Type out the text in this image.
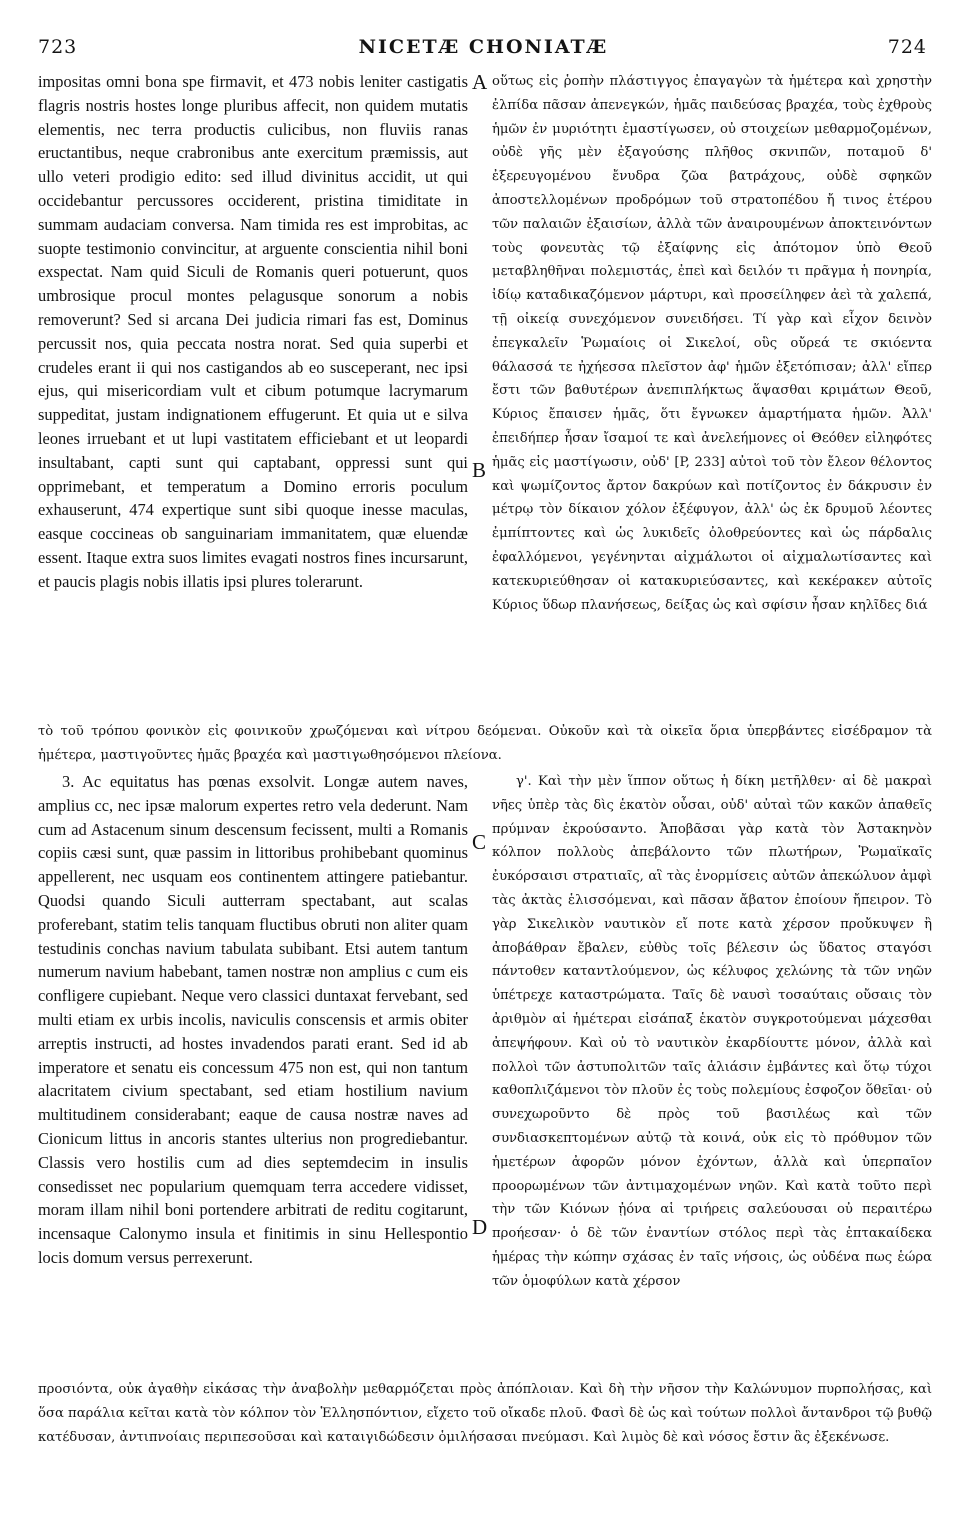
723	NICETÆ CHONIATÆ	724
A
B
C
D

impositas omni bona spe firmavit, et 473 nobis leniter castigatis flagris nostris hostes longe pluribus affecit, non quidem mutatis elementis, nec terra productis culicibus, non fluviis ranas eructantibus, neque crabronibus ante exercitum præmissis, aut ullo veteri prodigio edito: sed illud divinitus accidit, ut qui occidebantur percussores occiderent, pristina timiditate in summam audaciam conversa. Nam timida res est improbitas, ac suopte testimonio convincitur, at arguente conscientia nihil boni exspectat. Nam quid Siculi de Romanis queri potuerunt, quos umbrosique procul montes pelagusque sonorum a nobis removerunt? Sed si arcana Dei judicia rimari fas est, Dominus percussit nos, quia peccata nostra norat. Sed quia superbi et crudeles erant ii qui nos castigandos ab eo susceperant, nec ipsi ejus, qui misericordiam vult et cibum potumque lacrymarum suppeditat, justam indignationem effugerunt. Et quia ut e silva leones irruebant et ut lupi vastitatem efficiebant et ut leopardi insultabant, capti sunt qui captabant, oppressi sunt qui opprimebant, et temperatum a Domino erroris poculum exhauserunt, 474 expertique sunt sibi quoque inesse maculas, easque coccineas ob sanguinariam immanitatem, quæ eluendæ essent. Itaque extra suos limites evagati nostros fines incursarunt, et paucis plagis nobis illatis ipsi plures tolerarunt.

οὕτως εἰς ῥοπὴν πλάστιγγος ἐπαγαγὼν τὰ ἡμέτερα καὶ χρηστὴν ἐλπίδα πᾶσαν ἀπενεγκών, ἡμᾶς παιδεύσας βραχέα, τοὺς ἐχθροὺς ἡμῶν ἐν μυριότητι ἐμαστίγωσεν, οὐ στοιχείων μεθαρμοζομένων, οὐδὲ γῆς μὲν ἐξαγούσης πλῆθος σκνιπῶν, ποταμοῦ δ' ἐξερευγομένου ἔνυδρα ζῶα βατράχους, οὐδὲ σφηκῶν ἀποστελλομένων προδρόμων τοῦ στρατοπέδου ἤ τινος ἑτέρου τῶν παλαιῶν ἐξαισίων, ἀλλὰ τῶν ἀναιρουμένων ἀποκτεινόντων τοὺς φονευτὰς τῷ ἐξαίφνης εἰς ἀπότομον ὑπὸ Θεοῦ μεταβληθῆναι πολεμιστάς, ἐπεὶ καὶ δειλόν τι πρᾶγμα ἡ πονηρία, ἰδίῳ καταδικαζόμενον μάρτυρι, καὶ προσείληφεν ἀεὶ τὰ χαλεπά, τῇ οἰκείᾳ συνεχόμενον συνειδήσει. Τί γὰρ καὶ εἶχον δεινὸν ἐπεγκαλεῖν Ῥωμαίοις οἱ Σικελοί, οὓς οὔρεά τε σκιόεντα θάλασσά τε ἠχήεσσα πλεῖστον ἀφ' ἡμῶν ἐξετόπισαν; ἀλλ' εἴπερ ἔστι τῶν βαθυτέρων ἀνεπιπλήκτως ἅψασθαι κριμάτων Θεοῦ, Κύριος ἔπαισεν ἡμᾶς, ὅτι ἔγνωκεν ἁμαρτήματα ἡμῶν. Ἀλλ' ἐπειδήπερ ἦσαν ἴσαμοί τε καὶ ἀνελεήμονες οἱ Θεόθεν εἰληφότες ἡμᾶς εἰς μαστίγωσιν, οὐδ' [P, 233] αὐτοὶ τοῦ τὸν ἔλεον θέλοντος καὶ ψωμίζοντος ἄρτον δακρύων καὶ ποτίζοντος ἐν δάκρυσιν ἐν μέτρῳ τὸν δίκαιον χόλον ἐξέφυγον, ἀλλ' ὡς ἐκ δρυμοῦ λέοντες ἐμπίπτοντες καὶ ὡς λυκιδεῖς ὀλοθρεύοντες καὶ ὡς πάρδαλις ἐφαλλόμενοι, γεγένηνται αἰχμάλωτοι οἱ αἰχμαλωτίσαντες καὶ κατεκυριεύθησαν οἱ κατακυριεύσαντες, καὶ κεκέρακεν αὐτοῖς Κύριος ὕδωρ πλανήσεως, δείξας ὡς καὶ σφίσιν ἦσαν κηλῖδες διά

τὸ τοῦ τρόπου φονικὸν εἰς φοινικοῦν χρωζόμεναι καὶ νίτρου δεόμεναι. Οὐκοῦν καὶ τὰ οἰκεῖα ὅρια ὑπερβάντες εἰσέδραμον τὰ ἡμέτερα, μαστιγοῦντες ἡμᾶς βραχέα καὶ μαστιγωθησόμενοι πλείονα.

3. Ac equitatus has pœnas exsolvit. Longæ autem naves, amplius cc, nec ipsæ malorum expertes retro vela dederunt. Nam cum ad Astacenum sinum descensum fecissent, multi a Romanis copiis cæsi sunt, quæ passim in littoribus prohibebant quominus appellerent, nec usquam eos continentem attingere patiebantur. Quodsi quando Siculi autterram spectabant, aut scalas proferebant, statim telis tanquam fluctibus obruti non aliter quam testudinis conchas navium tabulata subibant. Etsi autem tantum numerum navium habebant, tamen nostræ non amplius c cum eis confligere cupiebant. Neque vero classici duntaxat fervebant, sed multi etiam ex urbis incolis, naviculis conscensis et armis obiter arreptis instructi, ad hostes invadendos parati erant. Sed id ab imperatore et senatu eis concessum 475 non est, qui non tantum alacritatem civium spectabant, sed etiam hostilium navium multitudinem considerabant; eaque de causa nostræ naves ad Cionicum littus in ancoris stantes ulterius non progrediebantur. Classis vero hostilis cum ad dies septemdecim in insulis consedisset nec popularium quemquam terra accedere vidisset, moram illam nihil boni portendere arbitrati de reditu cogitarunt, incensaque Calonymo insula et finitimis in sinu Hellespontio locis domum versus perrexerunt.

γ'. Καὶ τὴν μὲν ἵππον οὕτως ἡ δίκη μετῆλθεν· αἱ δὲ μακραὶ νῆες ὑπὲρ τὰς δὶς ἑκατὸν οὖσαι, οὐδ' αὐταὶ τῶν κακῶν ἀπαθεῖς πρύμναν ἐκρούσαντο. Ἀποβᾶσαι γὰρ κατὰ τὸν Ἀστακηνὸν κόλπον πολλοὺς ἀπεβάλοντο τῶν πλωτήρων, Ῥωμαϊκαῖς ἐυκόρσαισι στρατιαῖς, αἳ τὰς ἐνορμίσεις αὐτῶν ἀπεκώλυον ἀμφὶ τὰς ἀκτὰς ἑλισσόμεναι, καὶ πᾶσαν ἄβατον ἐποίουν ἤπειρον. Τὸ γὰρ Σικελικὸν ναυτικὸν εἴ ποτε κατὰ χέρσον προὔκυψεν ἢ ἀποβάθραν ἔβαλεν, εὐθὺς τοῖς βέλεσιν ὡς ὕδατος σταγόσι πάντοθεν καταντλούμενον, ὡς κέλυφος χελώνης τὰ τῶν νηῶν ὑπέτρεχε καταστρώματα. Ταῖς δὲ ναυσὶ τοσαύταις οὔσαις τὸν ἀριθμὸν αἱ ἡμέτεραι εἰσάπαξ ἑκατὸν συγκροτούμεναι μάχεσθαι ἀπεψήφουν. Καὶ οὐ τὸ ναυτικὸν ἐκαρδίουττε μόνον, ἀλλὰ καὶ πολλοὶ τῶν ἀστυπολιτῶν ταῖς ἁλιάσιν ἐμβάντες καὶ ὅτῳ τύχοι καθοπλιζάμενοι τὸν πλοῦν ἐς τοὺς πολεμίους ἐσφοζον ὅθεῖαι· οὐ συνεχωροῦντο δὲ πρὸς τοῦ βασιλέως καὶ τῶν συνδιασκεπτομένων αὐτῷ τὰ κοινά, οὐκ εἰς τὸ πρόθυμον τῶν ἡμετέρων ἀφορῶν μόνον ἐχόντων, ἀλλὰ καὶ ὑπερπαῖον προορωμένων τῶν ἀντιμαχομένων νηῶν. Καὶ κατὰ τοῦτο περὶ τὴν τῶν Κιόνων ᾐόνα αἱ τριήρεις σαλεύουσαι οὐ περαιτέρω προήεσαν· ὁ δὲ τῶν ἐναντίων στόλος περὶ τὰς ἑπτακαίδεκα ἡμέρας τὴν κώπην σχάσας ἐν ταῖς νήσοις, ὡς οὐδένα πως ἑώρα τῶν ὁμοφύλων κατὰ χέρσον

προσιόντα, οὐκ ἀγαθὴν εἰκάσας τὴν ἀναβολὴν μεθαρμόζεται πρὸς ἀπόπλοιαν. Καὶ δὴ τὴν νῆσον τὴν Καλώνυμον πυρπολήσας, καὶ ὅσα παράλια κεῖται κατὰ τὸν κόλπον τὸν Ἑλλησπόντιον, εἴχετο τοῦ οἴκαδε πλοῦ. Φασὶ δὲ ὡς καὶ τούτων πολλοὶ ἄντανδροι τῷ βυθῷ κατέδυσαν, ἀντιπνοίαις περιπεσοῦσαι καὶ καταιγιδώδεσιν ὁμιλήσασαι πνεύμασι. Καὶ λιμὸς δὲ καὶ νόσος ἔστιν ἃς ἐξεκένωσε.
